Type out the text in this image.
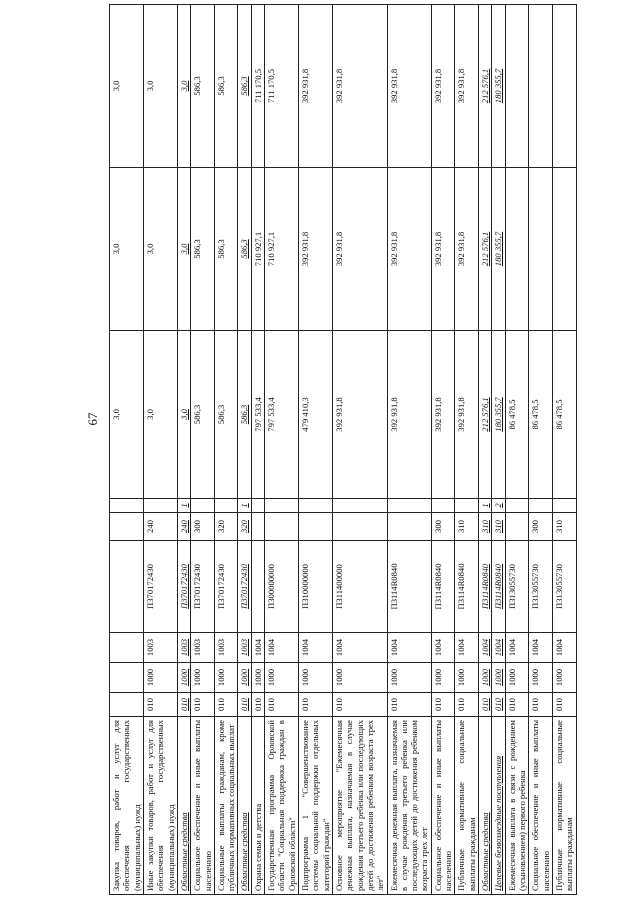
67
Закупка товаров, работ и услуг для обеспечения государственных (муниципальных) нужд							3,0	3,0	3,0
Иные закупки товаров, работ и услуг для обеспечения государственных (муниципальных) нужд	010	1000	1003	П370172430	240		3,0	3,0	3,0
Областные средства	010	1000	1003	П370172430	240	1	3,0	3,0	3,0
Социальное обеспечение и иные выплаты населению	010	1000	1003	П370172430	300		586,3	586,3	586,3
Социальные выплаты гражданам, кроме публичных нормативных социальных выплат	010	1000	1003	П370172430	320		586,3	586,3	586,3
Областные средства	010	1000	1003	П370172430	320	1	586,3	586,3	586,3
Охрана семьи и детства	010	1000	1004				797 533,4	710 927,1	711 170,5
Государственная программа Орловской области "Социальная поддержка граждан в Орловской области"	010	1000	1004	П300000000			797 533,4	710 927,1	711 170,5
Подпрограмма 1 "Совершенствование системы социальной поддержки отдельных категорий граждан"	010	1000	1004	П310000000			479 410,3	392 931,8	392 931,8
Основное мероприятие "Ежемесячная денежная выплата, назначаемая в случае рождения третьего ребенка или последующих детей до достижения ребенком возраста трех лет"	010	1000	1004	П311400000			392 931,8	392 931,8	392 931,8
Ежемесячная денежная выплата, назначаемая в случае рождения третьего ребенка или последующих детей до достижения ребенком возраста трех лет	010	1000	1004	П3114R0840			392 931,8	392 931,8	392 931,8
Социальное обеспечение и иные выплаты населению	010	1000	1004	П3114R0840	300		392 931,8	392 931,8	392 931,8
Публичные нормативные социальные выплаты гражданам	010	1000	1004	П3114R0840	310		392 931,8	392 931,8	392 931,8
Областные средства	010	1000	1004	П3114R0840	310	1	212 576,1	212 576,1	212 576,1
Целевые безвозмездные поступления	010	1000	1004	П3114R0840	310	2	180 355,7	180 355,7	180 355,7
Ежемесячная выплата в связи с рождением (усыновлением) первого ребенка	010	1000	1004	П313055730			86 478,5		
Социальное обеспечение и иные выплаты населению	010	1000	1004	П313055730	300		86 478,5		
Публичные нормативные социальные выплаты гражданам	010	1000	1004	П313055730	310		86 478,5		
